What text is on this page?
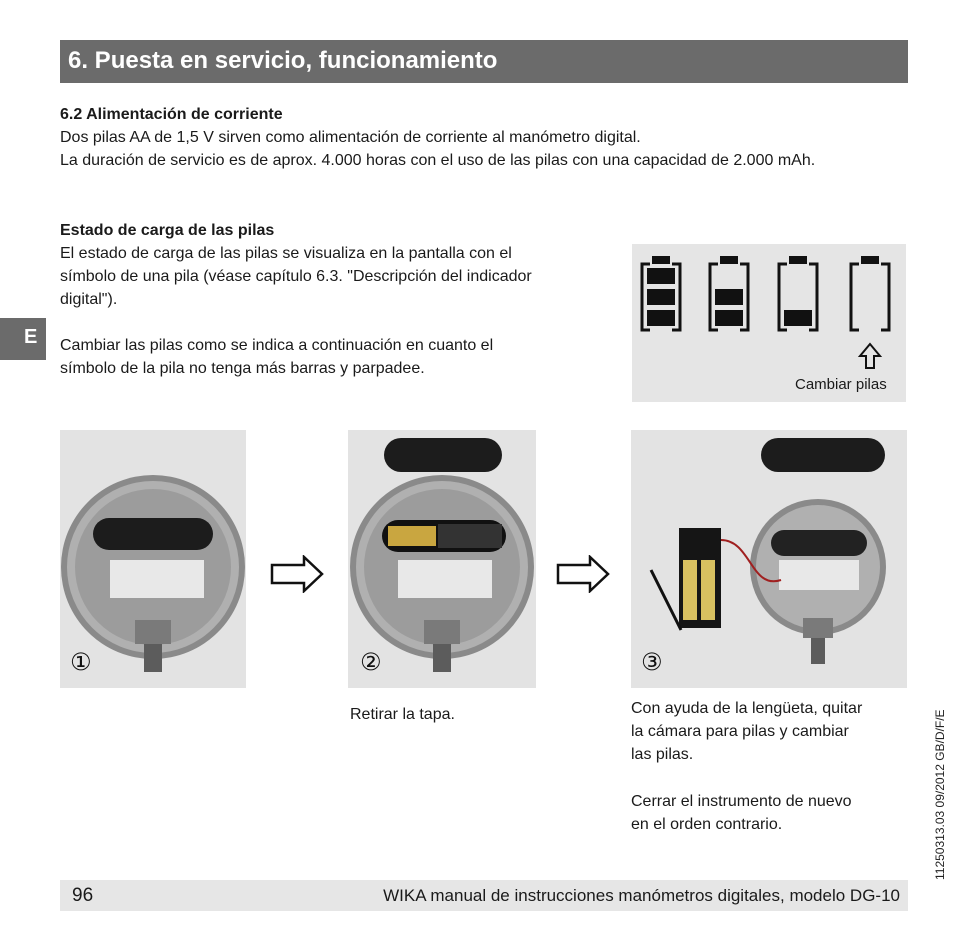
6. Puesta en servicio, funcionamiento
E
6.2 Alimentación de corriente
Dos pilas AA de 1,5 V sirven como alimentación de corriente al manómetro digital.
La duración de servicio es de aprox. 4.000 horas con el uso de las pilas con una capacidad de 2.000 mAh.
Estado de carga de las pilas
El estado de carga de las pilas se visualiza en la pantalla con el
símbolo de una pila (véase capítulo 6.3. "Descripción del indicador
digital").
Cambiar las pilas como se indica a continuación en cuanto el
símbolo de la pila no tenga más barras y parpadee.
Cambiar pilas
①	②
Retirar la tapa.
③
Con ayuda de la lengüeta, quitar
la cámara para pilas y cambiar
las pilas.
Cerrar el instrumento de nuevo
en el orden contrario.
96	WIKA manual de instrucciones manómetros digitales, modelo DG-10
11250313.03 09/2012 GB/D/F/E
